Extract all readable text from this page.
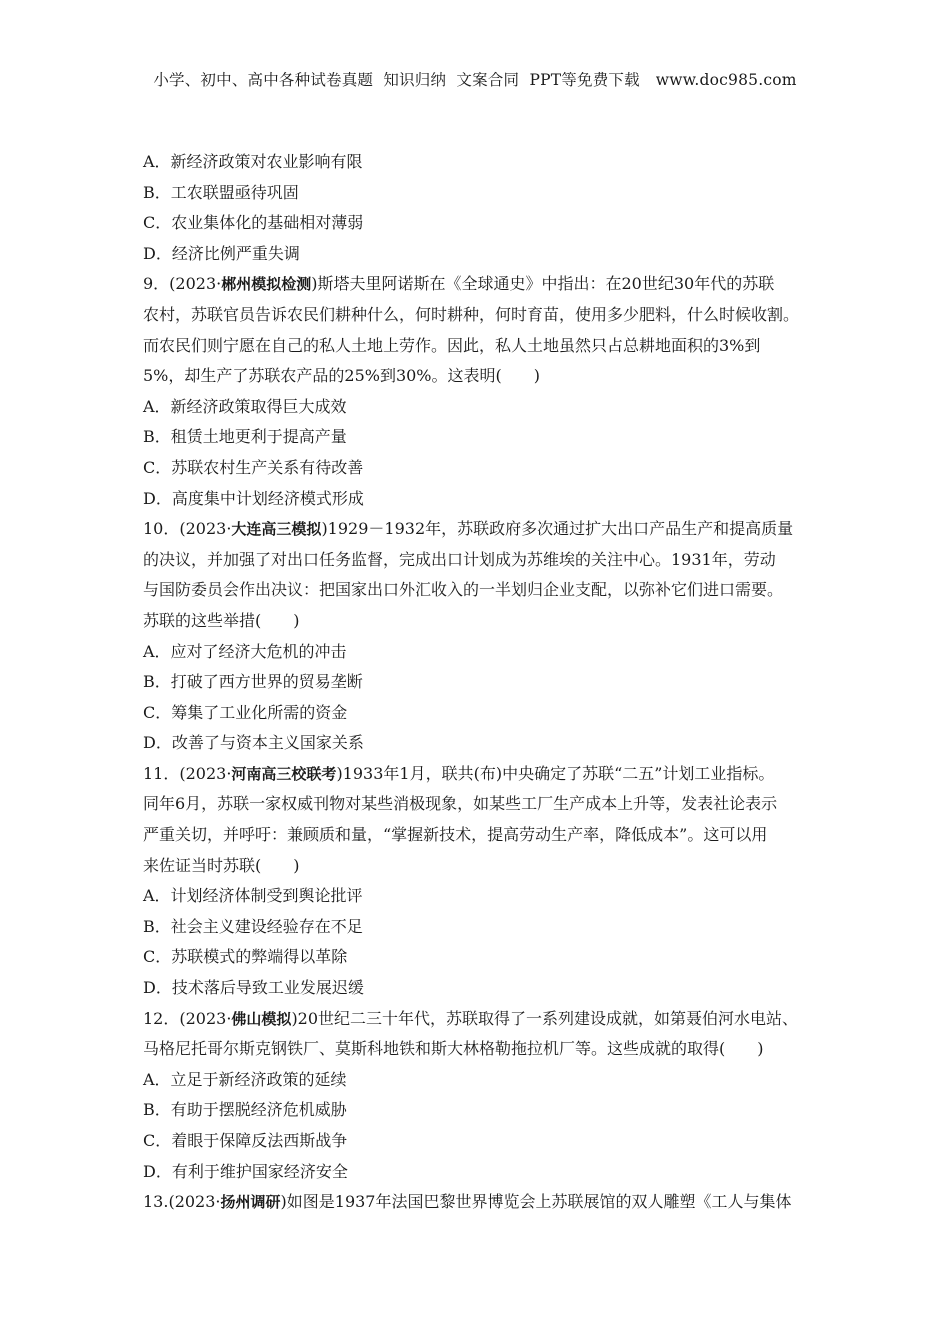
小学、初中、高中各种试卷真题  知识归纳  文案合同  PPT等免费下载 www.doc985.com
A．新经济政策对农业影响有限
B．工农联盟亟待巩固
C．农业集体化的基础相对薄弱
D．经济比例严重失调
9．(2023·郴州模拟检测)斯塔夫里阿诺斯在《全球通史》中指出：在20世纪30年代的苏联
农村，苏联官员告诉农民们耕种什么，何时耕种，何时育苗，使用多少肥料，什么时候收割。
而农民们则宁愿在自己的私人土地上劳作。因此，私人土地虽然只占总耕地面积的3%到
5%，却生产了苏联农产品的25%到30%。这表明(　　)
A．新经济政策取得巨大成效
B．租赁土地更利于提高产量
C．苏联农村生产关系有待改善
D．高度集中计划经济模式形成
10．(2023·大连高三模拟)1929－1932年，苏联政府多次通过扩大出口产品生产和提高质量
的决议，并加强了对出口任务监督，完成出口计划成为苏维埃的关注中心。1931年，劳动
与国防委员会作出决议：把国家出口外汇收入的一半划归企业支配，以弥补它们进口需要。
苏联的这些举措(　　)
A．应对了经济大危机的冲击
B．打破了西方世界的贸易垄断
C．筹集了工业化所需的资金
D．改善了与资本主义国家关系
11．(2023·河南高三校联考)1933年1月，联共(布)中央确定了苏联“二五”计划工业指标。
同年6月，苏联一家权威刊物对某些消极现象，如某些工厂生产成本上升等，发表社论表示
严重关切，并呼吁：兼顾质和量，“掌握新技术，提高劳动生产率，降低成本”。这可以用
来佐证当时苏联(　　)
A．计划经济体制受到舆论批评
B．社会主义建设经验存在不足
C．苏联模式的弊端得以革除
D．技术落后导致工业发展迟缓
12．(2023·佛山模拟)20世纪二三十年代，苏联取得了一系列建设成就，如第聂伯河水电站、
马格尼托哥尔斯克钢铁厂、莫斯科地铁和斯大林格勒拖拉机厂等。这些成就的取得(　　)
A．立足于新经济政策的延续
B．有助于摆脱经济危机威胁
C．着眼于保障反法西斯战争
D．有利于维护国家经济安全
13.(2023·扬州调研)如图是1937年法国巴黎世界博览会上苏联展馆的双人雕塑《工人与集体
